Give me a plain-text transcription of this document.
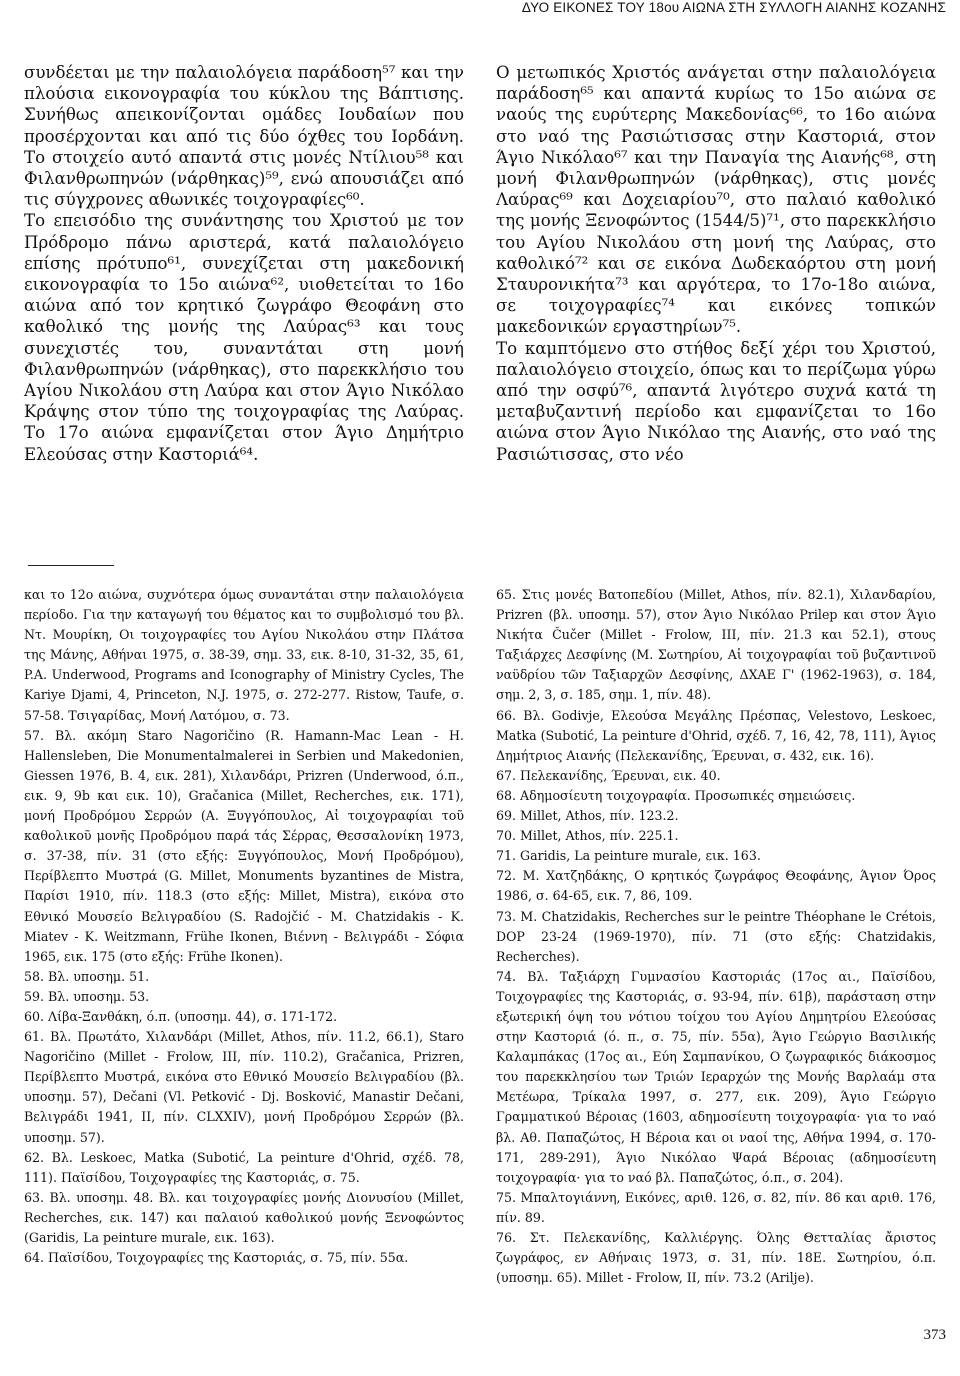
ΔΥΟ ΕΙΚΟΝΕΣ ΤΟΥ 18ου ΑΙΩΝΑ ΣΤΗ ΣΥΛΛΟΓΗ ΑΙΑΝΗΣ ΚΟΖΑΝΗΣ

συνδέεται με την παλαιολόγεια παράδοση⁵⁷ και την πλούσια εικονογραφία του κύκλου της Βάπτισης. Συνήθως απεικονίζονται ομάδες Ιουδαίων που προσέρχονται και από τις δύο όχθες του Ιορδάνη. Το στοιχείο αυτό απαντά στις μονές Ντίλιου⁵⁸ και Φιλανθρωπηνών (νάρθηκας)⁵⁹, ενώ απουσιάζει από τις σύγχρονες αθωνικές τοιχογραφίες⁶⁰.

Το επεισόδιο της συνάντησης του Χριστού με τον Πρόδρομο πάνω αριστερά, κατά παλαιολόγειο επίσης πρότυπο⁶¹, συνεχίζεται στη μακεδονική εικονογραφία το 15ο αιώνα⁶², υιοθετείται το 16ο αιώνα από τον κρητικό ζωγράφο Θεοφάνη στο καθολικό της μονής της Λαύρας⁶³ και τους συνεχιστές του, συναντάται στη μονή Φιλανθρωπηνών (νάρθηκας), στο παρεκκλήσιο του Αγίου Νικολάου στη Λαύρα και στον Άγιο Νικόλαο Κράψης στον τύπο της τοιχογραφίας της Λαύρας. Το 17ο αιώνα εμφανίζεται στον Άγιο Δημήτριο Ελεούσας στην Καστοριά⁶⁴.

Ο μετωπικός Χριστός ανάγεται στην παλαιολόγεια παράδοση⁶⁵ και απαντά κυρίως το 15ο αιώνα σε ναούς της ευρύτερης Μακεδονίας⁶⁶, το 16ο αιώνα στο ναό της Ρασιώτισσας στην Καστοριά, στον Άγιο Νικόλαο⁶⁷ και την Παναγία της Αιανής⁶⁸, στη μονή Φιλανθρωπηνών (νάρθηκας), στις μονές Λαύρας⁶⁹ και Δοχειαρίου⁷⁰, στο παλαιό καθολικό της μονής Ξενοφώντος (1544/5)⁷¹, στο παρεκκλήσιο του Αγίου Νικολάου στη μονή της Λαύρας, στο καθολικό⁷² και σε εικόνα Δωδεκαόρτου στη μονή Σταυρονικήτα⁷³ και αργότερα, το 17ο-18ο αιώνα, σε τοιχογραφίες⁷⁴ και εικόνες τοπικών μακεδονικών εργαστηρίων⁷⁵.

Το καμπτόμενο στο στήθος δεξί χέρι του Χριστού, παλαιολόγειο στοιχείο, όπως και το περίζωμα γύρω από την οσφύ⁷⁶, απαντά λιγότερο συχνά κατά τη μεταβυζαντινή περίοδο και εμφανίζεται το 16ο αιώνα στον Άγιο Νικόλαο της Αιανής, στο ναό της Ρασιώτισσας, στο νέο

και το 12ο αιώνα, συχνότερα όμως συναντάται στην παλαιολόγεια περίοδο. Για την καταγωγή του θέματος και το συμβολισμό του βλ. Ντ. Μουρίκη, Οι τοιχογραφίες του Αγίου Νικολάου στην Πλάτσα της Μάνης, Αθήναι 1975, σ. 38-39, σημ. 33, εικ. 8-10, 31-32, 35, 61, P.A. Underwood, Programs and Iconography of Ministry Cycles, The Kariye Djami, 4, Princeton, N.J. 1975, σ. 272-277. Ristow, Taufe, σ. 57-58. Τσιγαρίδας, Μονή Λατόμου, σ. 73.

57. Βλ. ακόμη Staro Nagoričino (R. Hamann-Mac Lean - H. Hallensleben, Die Monumentalmalerei in Serbien und Makedonien, Giessen 1976, Β. 4, εικ. 281), Χιλανδάρι, Prizren (Underwood, ό.π., εικ. 9, 9b και εικ. 10), Gračanica (Millet, Recherches, εικ. 171), μονή Προδρόμου Σερρών (Α. Ξυγγόπουλος, Αἱ τοιχογραφίαι τοῦ καθολικοῦ μονῆς Προδρόμου παρά τάς Σέρρας, Θεσσαλονίκη 1973, σ. 37-38, πίν. 31 (στο εξής: Ξυγγόπουλος, Μονή Προδρόμου), Περίβλεπτο Μυστρά (G. Millet, Monuments byzantines de Mistra, Παρίσι 1910, πίν. 118.3 (στο εξής: Millet, Mistra), εικόνα στο Εθνικό Μουσείο Βελιγραδίου (S. Radojčić - M. Chatzidakis - K. Miatev - K. Weitzmann, Frühe Ikonen, Βιέννη - Βελιγράδι - Σόφια 1965, εικ. 175 (στο εξής: Frühe Ikonen).

58. Βλ. υποσημ. 51.

59. Βλ. υποσημ. 53.

60. Λίβα-Ξανθάκη, ό.π. (υποσημ. 44), σ. 171-172.

61. Βλ. Πρωτάτο, Χιλανδάρι (Millet, Athos, πίν. 11.2, 66.1), Staro Nagoričino (Millet - Frolow, III, πίν. 110.2), Gračanica, Prizren, Περίβλεπτο Μυστρά, εικόνα στο Εθνικό Μουσείο Βελιγραδίου (βλ. υποσημ. 57), Dečani (Vl. Petković - Dj. Bosković, Manastir Dečani, Βελιγράδι 1941, II, πίν. CLXXIV), μονή Προδρόμου Σερρών (βλ. υποσημ. 57).

62. Βλ. Leskoec, Matka (Subotić, La peinture d'Ohrid, σχέδ. 78, 111). Παϊσίδου, Τοιχογραφίες της Καστοριάς, σ. 75.

63. Βλ. υποσημ. 48. Βλ. και τοιχογραφίες μονής Διονυσίου (Millet, Recherches, εικ. 147) και παλαιού καθολικού μονής Ξενοφώντος (Garidis, La peinture murale, εικ. 163).

64. Παϊσίδου, Τοιχογραφίες της Καστοριάς, σ. 75, πίν. 55α.

65. Στις μονές Βατοπεδίου (Millet, Athos, πίν. 82.1), Χιλανδαρίου, Prizren (βλ. υποσημ. 57), στον Άγιο Νικόλαο Prilep και στον Άγιο Νικήτα Čučer (Millet - Frolow, III, πίν. 21.3 και 52.1), στους Ταξιάρχες Δεσφίνης (Μ. Σωτηρίου, Αἱ τοιχογραφίαι τοῦ βυζαντινοῦ ναϋδρίου τῶν Ταξιαρχῶν Δεσφίνης, ΔΧΑΕ Γ' (1962-1963), σ. 184, σημ. 2, 3, σ. 185, σημ. 1, πίν. 48).

66. Βλ. Godivje, Ελεούσα Μεγάλης Πρέσπας, Velestovo, Leskoec, Matka (Subotić, La peinture d'Ohrid, σχέδ. 7, 16, 42, 78, 111), Άγιος Δημήτριος Αιανής (Πελεκανίδης, Έρευναι, σ. 432, εικ. 16).

67. Πελεκανίδης, Έρευναι, εικ. 40.

68. Αδημοσίευτη τοιχογραφία. Προσωπικές σημειώσεις.

69. Millet, Athos, πίν. 123.2.

70. Millet, Athos, πίν. 225.1.

71. Garidis, La peinture murale, εικ. 163.

72. Μ. Χατζηδάκης, Ο κρητικός ζωγράφος Θεοφάνης, Άγιον Όρος 1986, σ. 64-65, εικ. 7, 86, 109.

73. M. Chatzidakis, Recherches sur le peintre Théophane le Crétois, DOP 23-24 (1969-1970), πίν. 71 (στο εξής: Chatzidakis, Recherches).

74. Βλ. Ταξιάρχη Γυμνασίου Καστοριάς (17ος αι., Παϊσίδου, Τοιχογραφίες της Καστοριάς, σ. 93-94, πίν. 61β), παράσταση στην εξωτερική όψη του νότιου τοίχου του Αγίου Δημητρίου Ελεούσας στην Καστοριά (ό. π., σ. 75, πίν. 55α), Άγιο Γεώργιο Βασιλικής Καλαμπάκας (17ος αι., Εύη Σαμπανίκου, Ο ζωγραφικός διάκοσμος του παρεκκλησίου των Τριών Ιεραρχών της Μονής Βαρλαάμ στα Μετέωρα, Τρίκαλα 1997, σ. 277, εικ. 209), Άγιο Γεώργιο Γραμματικού Βέροιας (1603, αδημοσίευτη τοιχογραφία· για το ναό βλ. Αθ. Παπαζώτος, Η Βέροια και οι ναοί της, Αθήνα 1994, σ. 170-171, 289-291), Άγιο Νικόλαο Ψαρά Βέροιας (αδημοσίευτη τοιχογραφία· για το ναό βλ. Παπαζώτος, ό.π., σ. 204).

75. Μπαλτογιάννη, Εικόνες, αριθ. 126, σ. 82, πίν. 86 και αριθ. 176, πίν. 89.

76. Στ. Πελεκανίδης, Καλλιέργης. Όλης Θετταλίας ἄριστος ζωγράφος, εν Αθήναις 1973, σ. 31, πίν. 18Ε. Σωτηρίου, ό.π. (υποσημ. 65). Millet - Frolow, II, πίν. 73.2 (Arilje).

373
